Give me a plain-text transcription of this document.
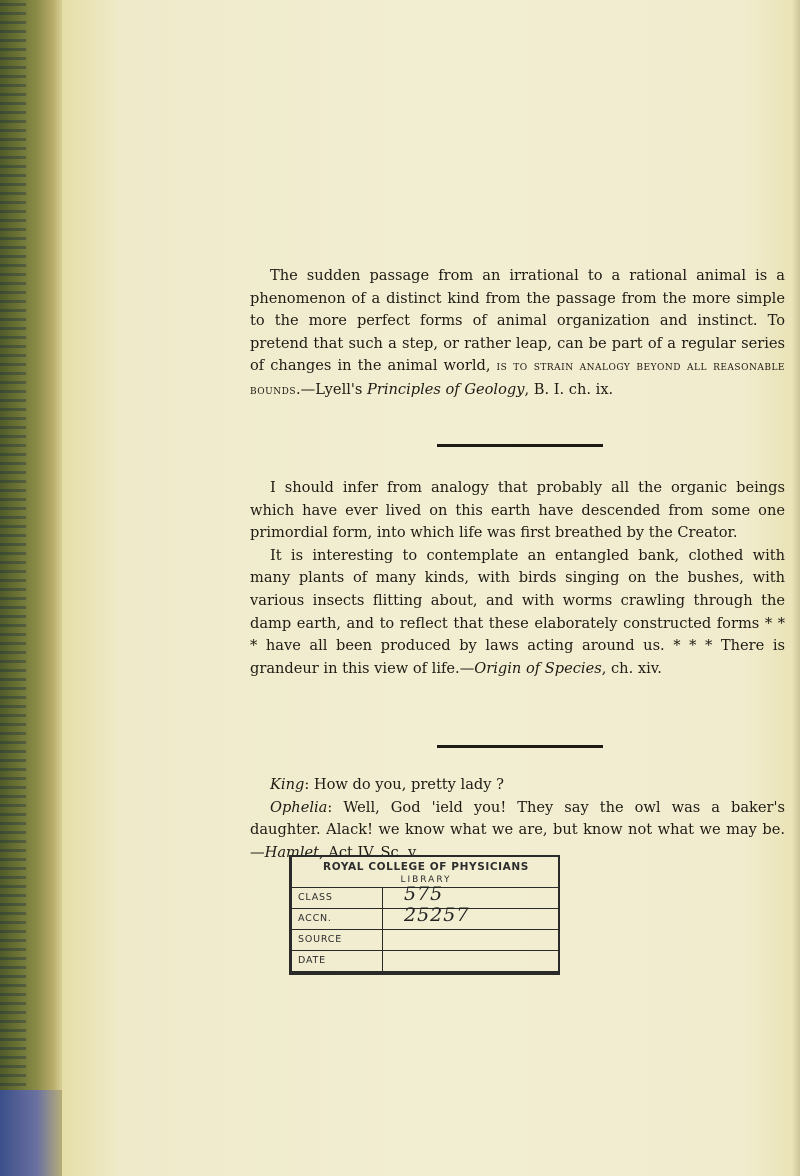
The sudden passage from an irrational to a rational animal is a phenomenon of a distinct kind from the passage from the more simple to the more perfect forms of animal organization and instinct. To pretend that such a step, or rather leap, can be part of a regular series of changes in the animal world, is to strain analogy beyond all reasonable bounds.—Lyell's Principles of Geology, B. I. ch. ix.

I should infer from analogy that probably all the organic beings which have ever lived on this earth have descended from some one primordial form, into which life was first breathed by the Creator.

It is interesting to contemplate an entangled bank, clothed with many plants of many kinds, with birds singing on the bushes, with various insects flitting about, and with worms crawling through the damp earth, and to reflect that these elaborately constructed forms * * * have all been produced by laws acting around us. * * * There is grandeur in this view of life.—Origin of Species, ch. xiv.

King: How do you, pretty lady ?

Ophelia: Well, God 'ield you! They say the owl was a baker's daughter. Alack! we know what we are, but know not what we may be.—Hamlet, Act IV. Sc. v.

ROYAL COLLEGE OF PHYSICIANS
LIBRARY
CLASS	575
ACCN.	25257
SOURCE
DATE
